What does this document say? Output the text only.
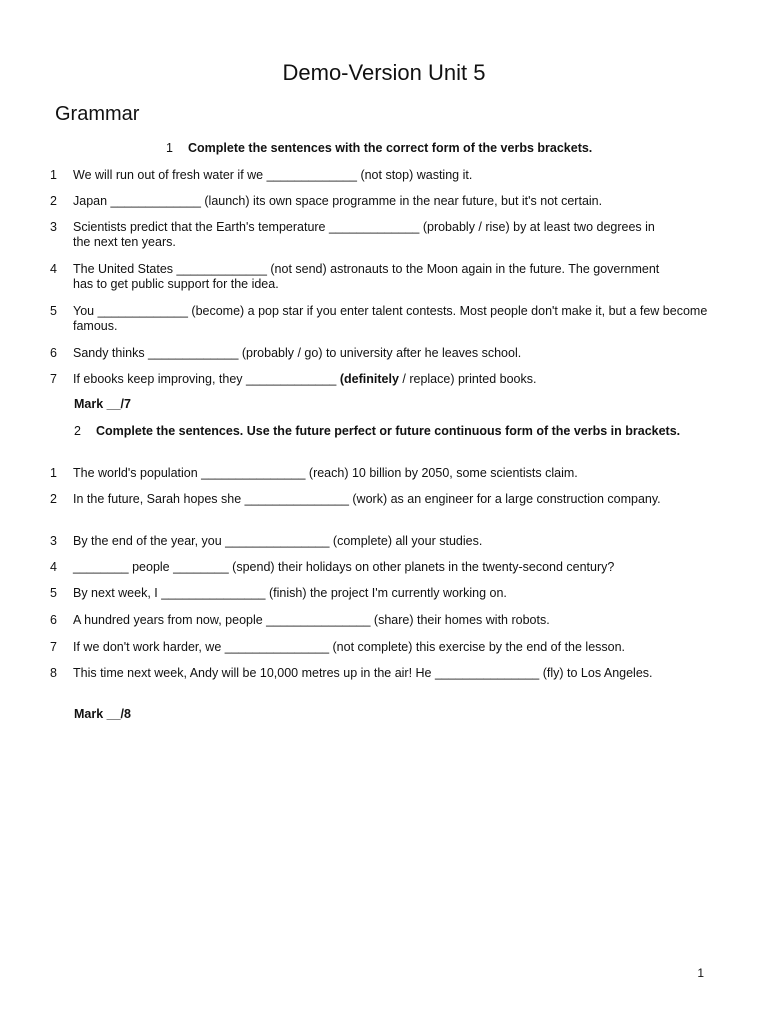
Demo-Version Unit 5
Grammar
1 Complete the sentences with the correct form of the verbs brackets.
1 We will run out of fresh water if we _____________ (not stop) wasting it.
2 Japan _____________ (launch) its own space programme in the near future, but it's not certain.
3 Scientists predict that the Earth's temperature _____________ (probably / rise) by at least two degrees in the next ten years.
4 The United States _____________ (not send) astronauts to the Moon again in the future. The government has to get public support for the idea.
5 You _____________ (become) a pop star if you enter talent contests. Most people don't make it, but a few become famous.
6 Sandy thinks _____________ (probably / go) to university after he leaves school.
7 If ebooks keep improving, they _____________ (definitely / replace) printed books.
Mark __/7
2 Complete the sentences. Use the future perfect or future continuous form of the verbs in brackets.
1 The world's population _______________ (reach) 10 billion by 2050, some scientists claim.
2 In the future, Sarah hopes she _______________ (work) as an engineer for a large construction company.
3 By the end of the year, you _______________ (complete) all your studies.
4 ________ people ________ (spend) their holidays on other planets in the twenty-second century?
5 By next week, I _______________ (finish) the project I'm currently working on.
6 A hundred years from now, people _______________ (share) their homes with robots.
7 If we don't work harder, we _______________ (not complete) this exercise by the end of the lesson.
8 This time next week, Andy will be 10,000 metres up in the air! He _______________ (fly) to Los Angeles.
Mark __/8
1
